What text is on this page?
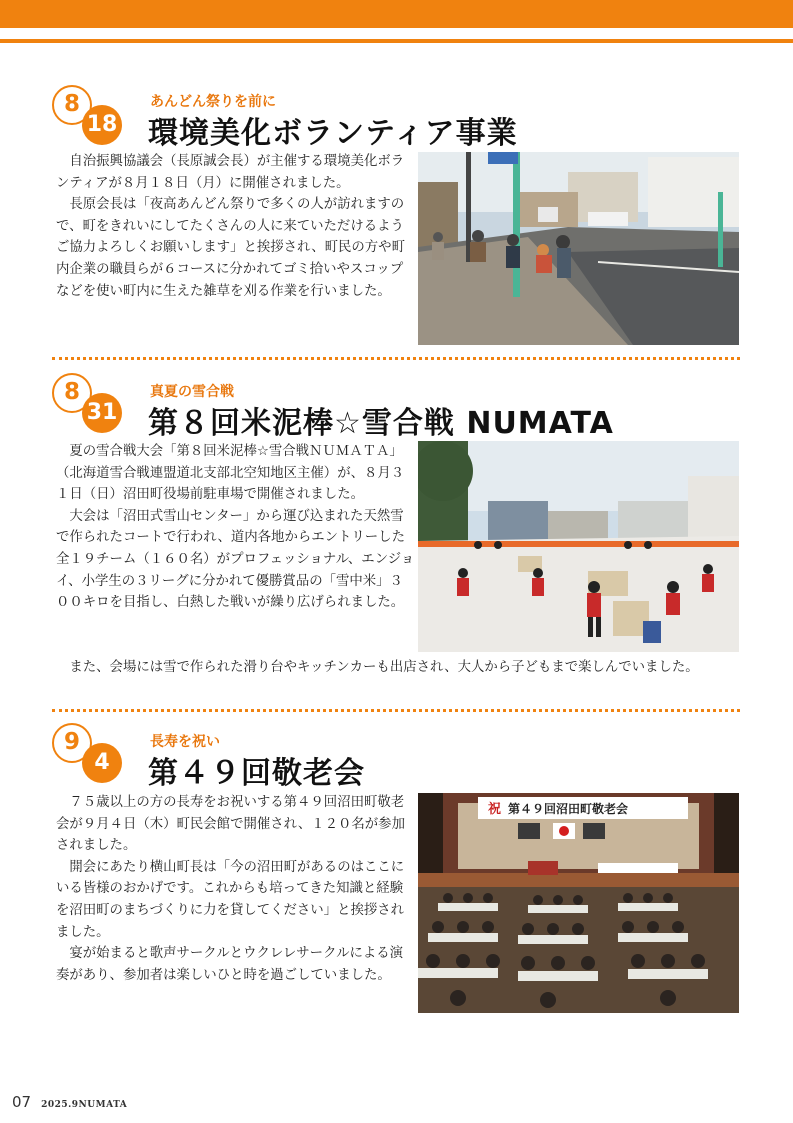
8
18
あんどん祭りを前に
環境美化ボランティア事業

自治振興協議会（長原誠会長）が主催する環境美化ボランティアが８月１８日（月）に開催されました。

長原会長は「夜高あんどん祭りで多くの人が訪れますので、町をきれいにしてたくさんの人に来ていただけるようご協力よろしくお願いします」と挨拶され、町民の方や町内企業の職員らが６コースに分かれてゴミ拾いやスコップなどを使い町内に生えた雑草を刈る作業を行いました。

8
31
真夏の雪合戦
第８回米泥棒☆雪合戦 NUMATA

夏の雪合戦大会「第８回米泥棒☆雪合戦ＮＵＭＡＴＡ」（北海道雪合戦連盟道北支部北空知地区主催）が、８月３１日（日）沼田町役場前駐車場で開催されました。

大会は「沼田式雪山センター」から運び込まれた天然雪で作られたコートで行われ、道内各地からエントリーした全１９チーム（１６０名）がプロフェッショナル、エンジョイ、小学生の３リーグに分かれて優勝賞品の「雪中米」３００キロを目指し、白熱した戦いが繰り広げられました。

また、会場には雪で作られた滑り台やキッチンカーも出店され、大人から子どもまで楽しんでいました。

9
4
長寿を祝い
第４９回敬老会

７５歳以上の方の長寿をお祝いする第４９回沼田町敬老会が９月４日（木）町民会館で開催され、１２０名が参加されました。

開会にあたり横山町長は「今の沼田町があるのはここにいる皆様のおかげです。これからも培ってきた知識と経験を沼田町のまちづくりに力を貸してください」と挨拶されました。

宴が始まると歌声サークルとウクレレサークルによる演奏があり、参加者は楽しいひと時を過ごしていました。

祝 第４９回沼田町敬老会
07 2025.9NUMATA
